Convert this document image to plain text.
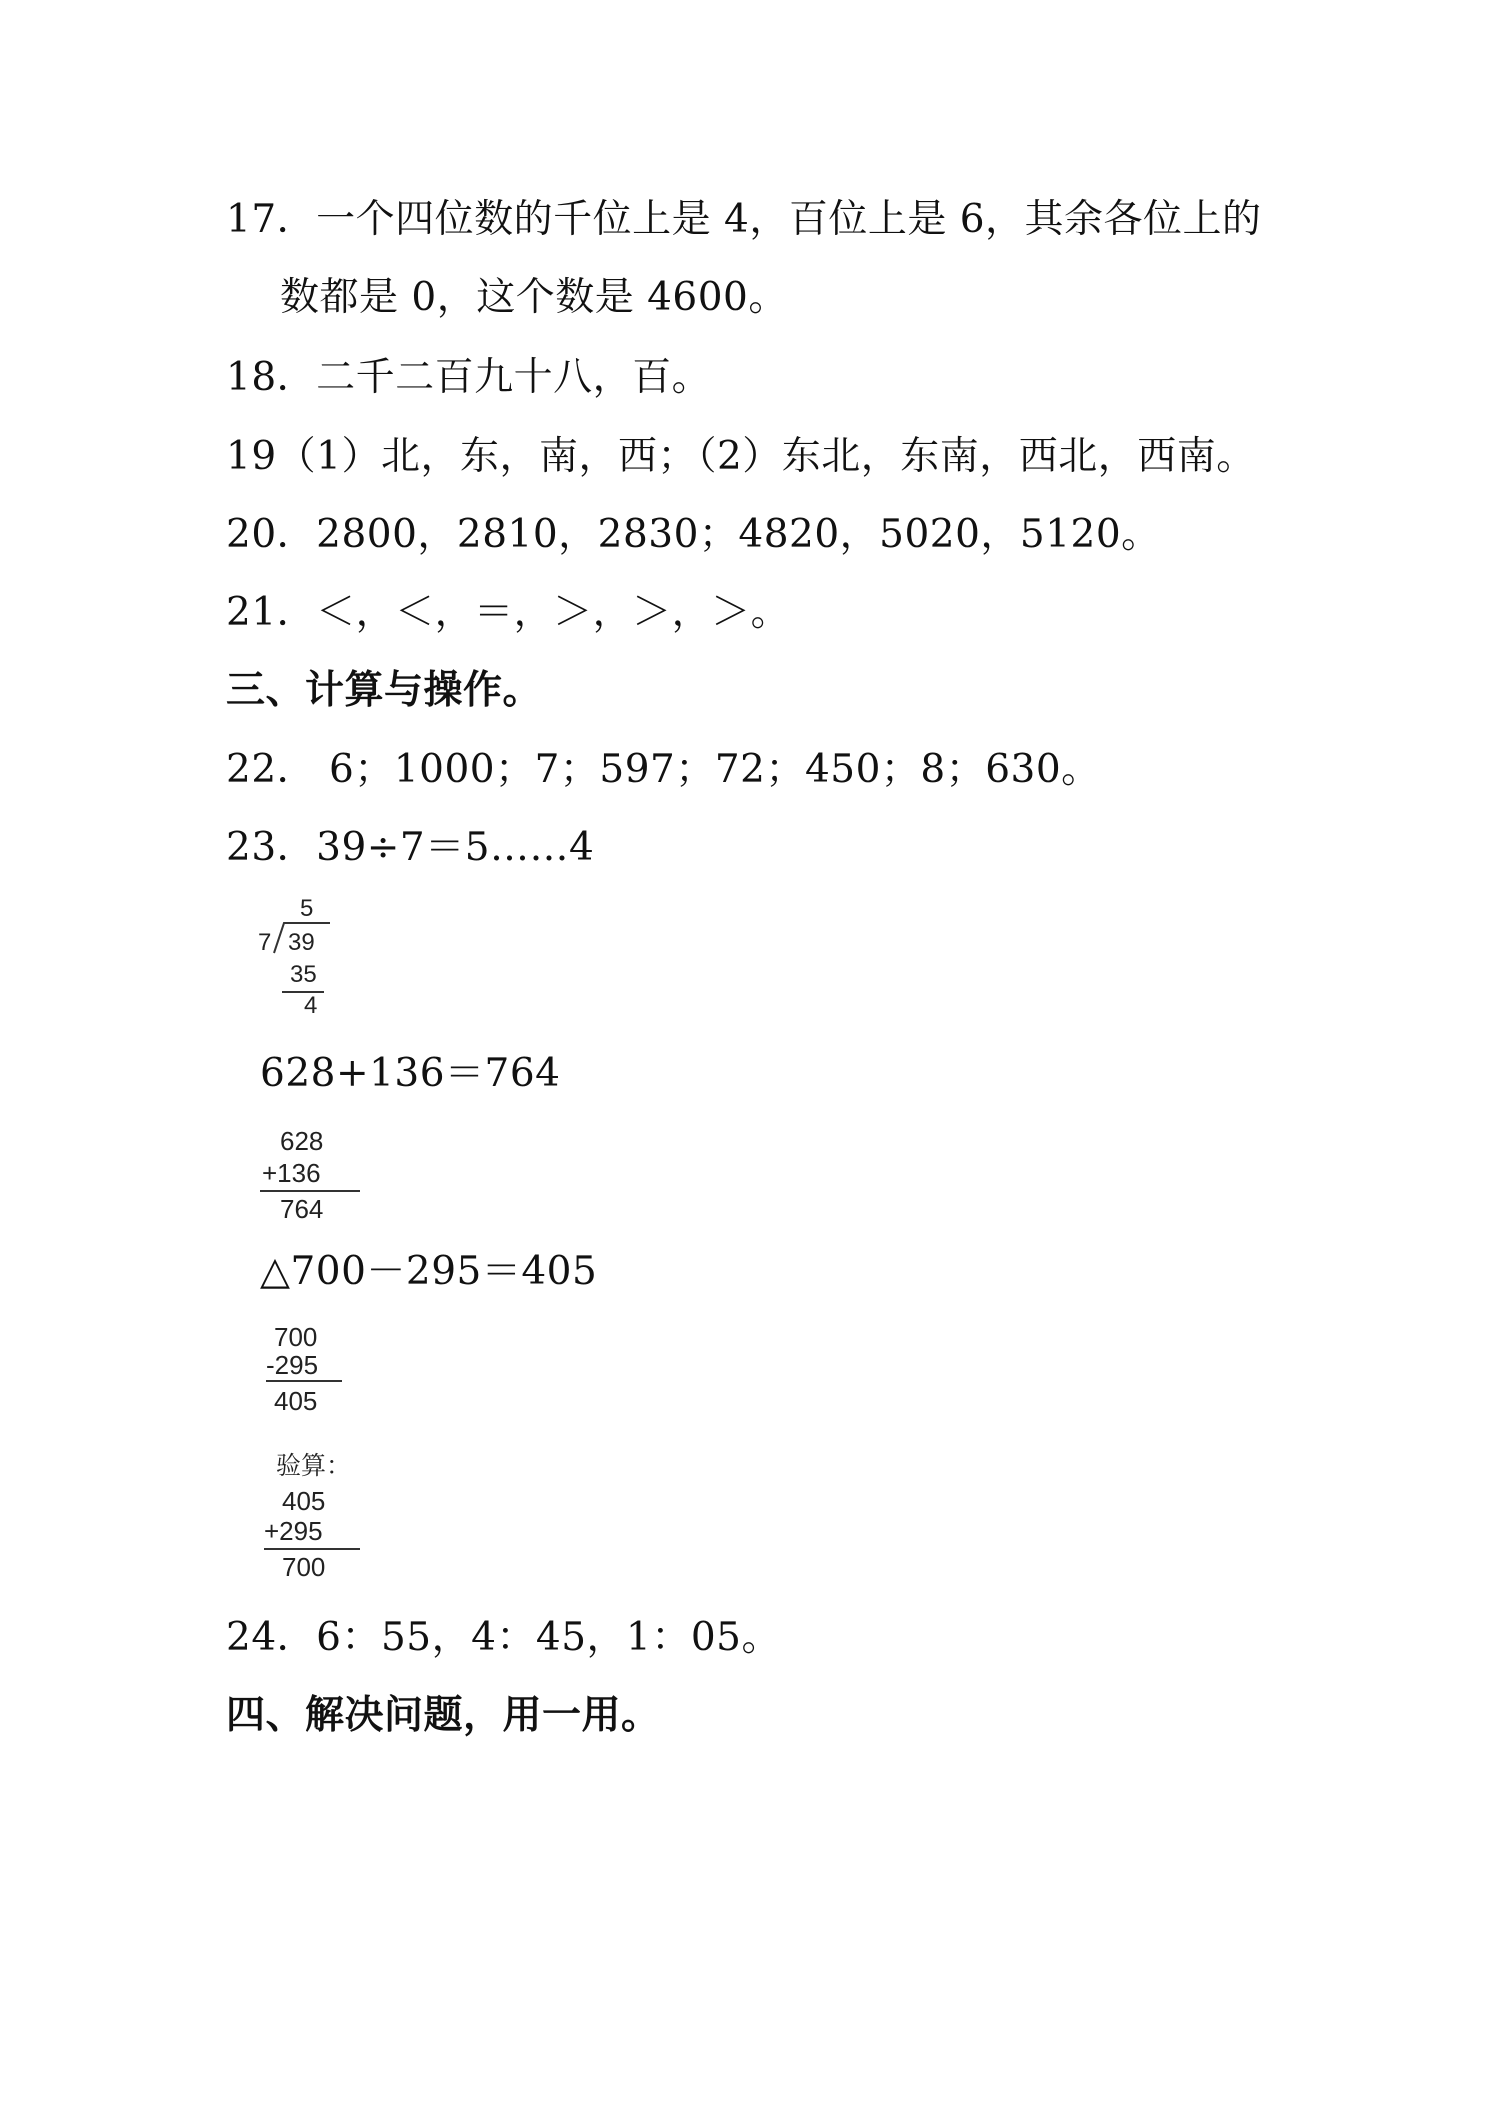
17．一个四位数的千位上是 4，百位上是 6，其余各位上的
数都是 0，这个数是 4600。
18．二千二百九十八，百。
19（1）北，东，南，西；（2）东北，东南，西北，西南。
20．2800，2810，2830；4820，5020，5120。
21．＜，＜，＝，＞，＞，＞。
三、计算与操作。
22． 6；1000；7；597；72；450；8；630。
23．39÷7＝5……4
5
7 39
35
4
628+136＝764
628
+136
764
△700－295＝405
700
-295
405
验算：
405
+295
700
24．6：55，4：45，1：05。
四、解决问题，用一用。
